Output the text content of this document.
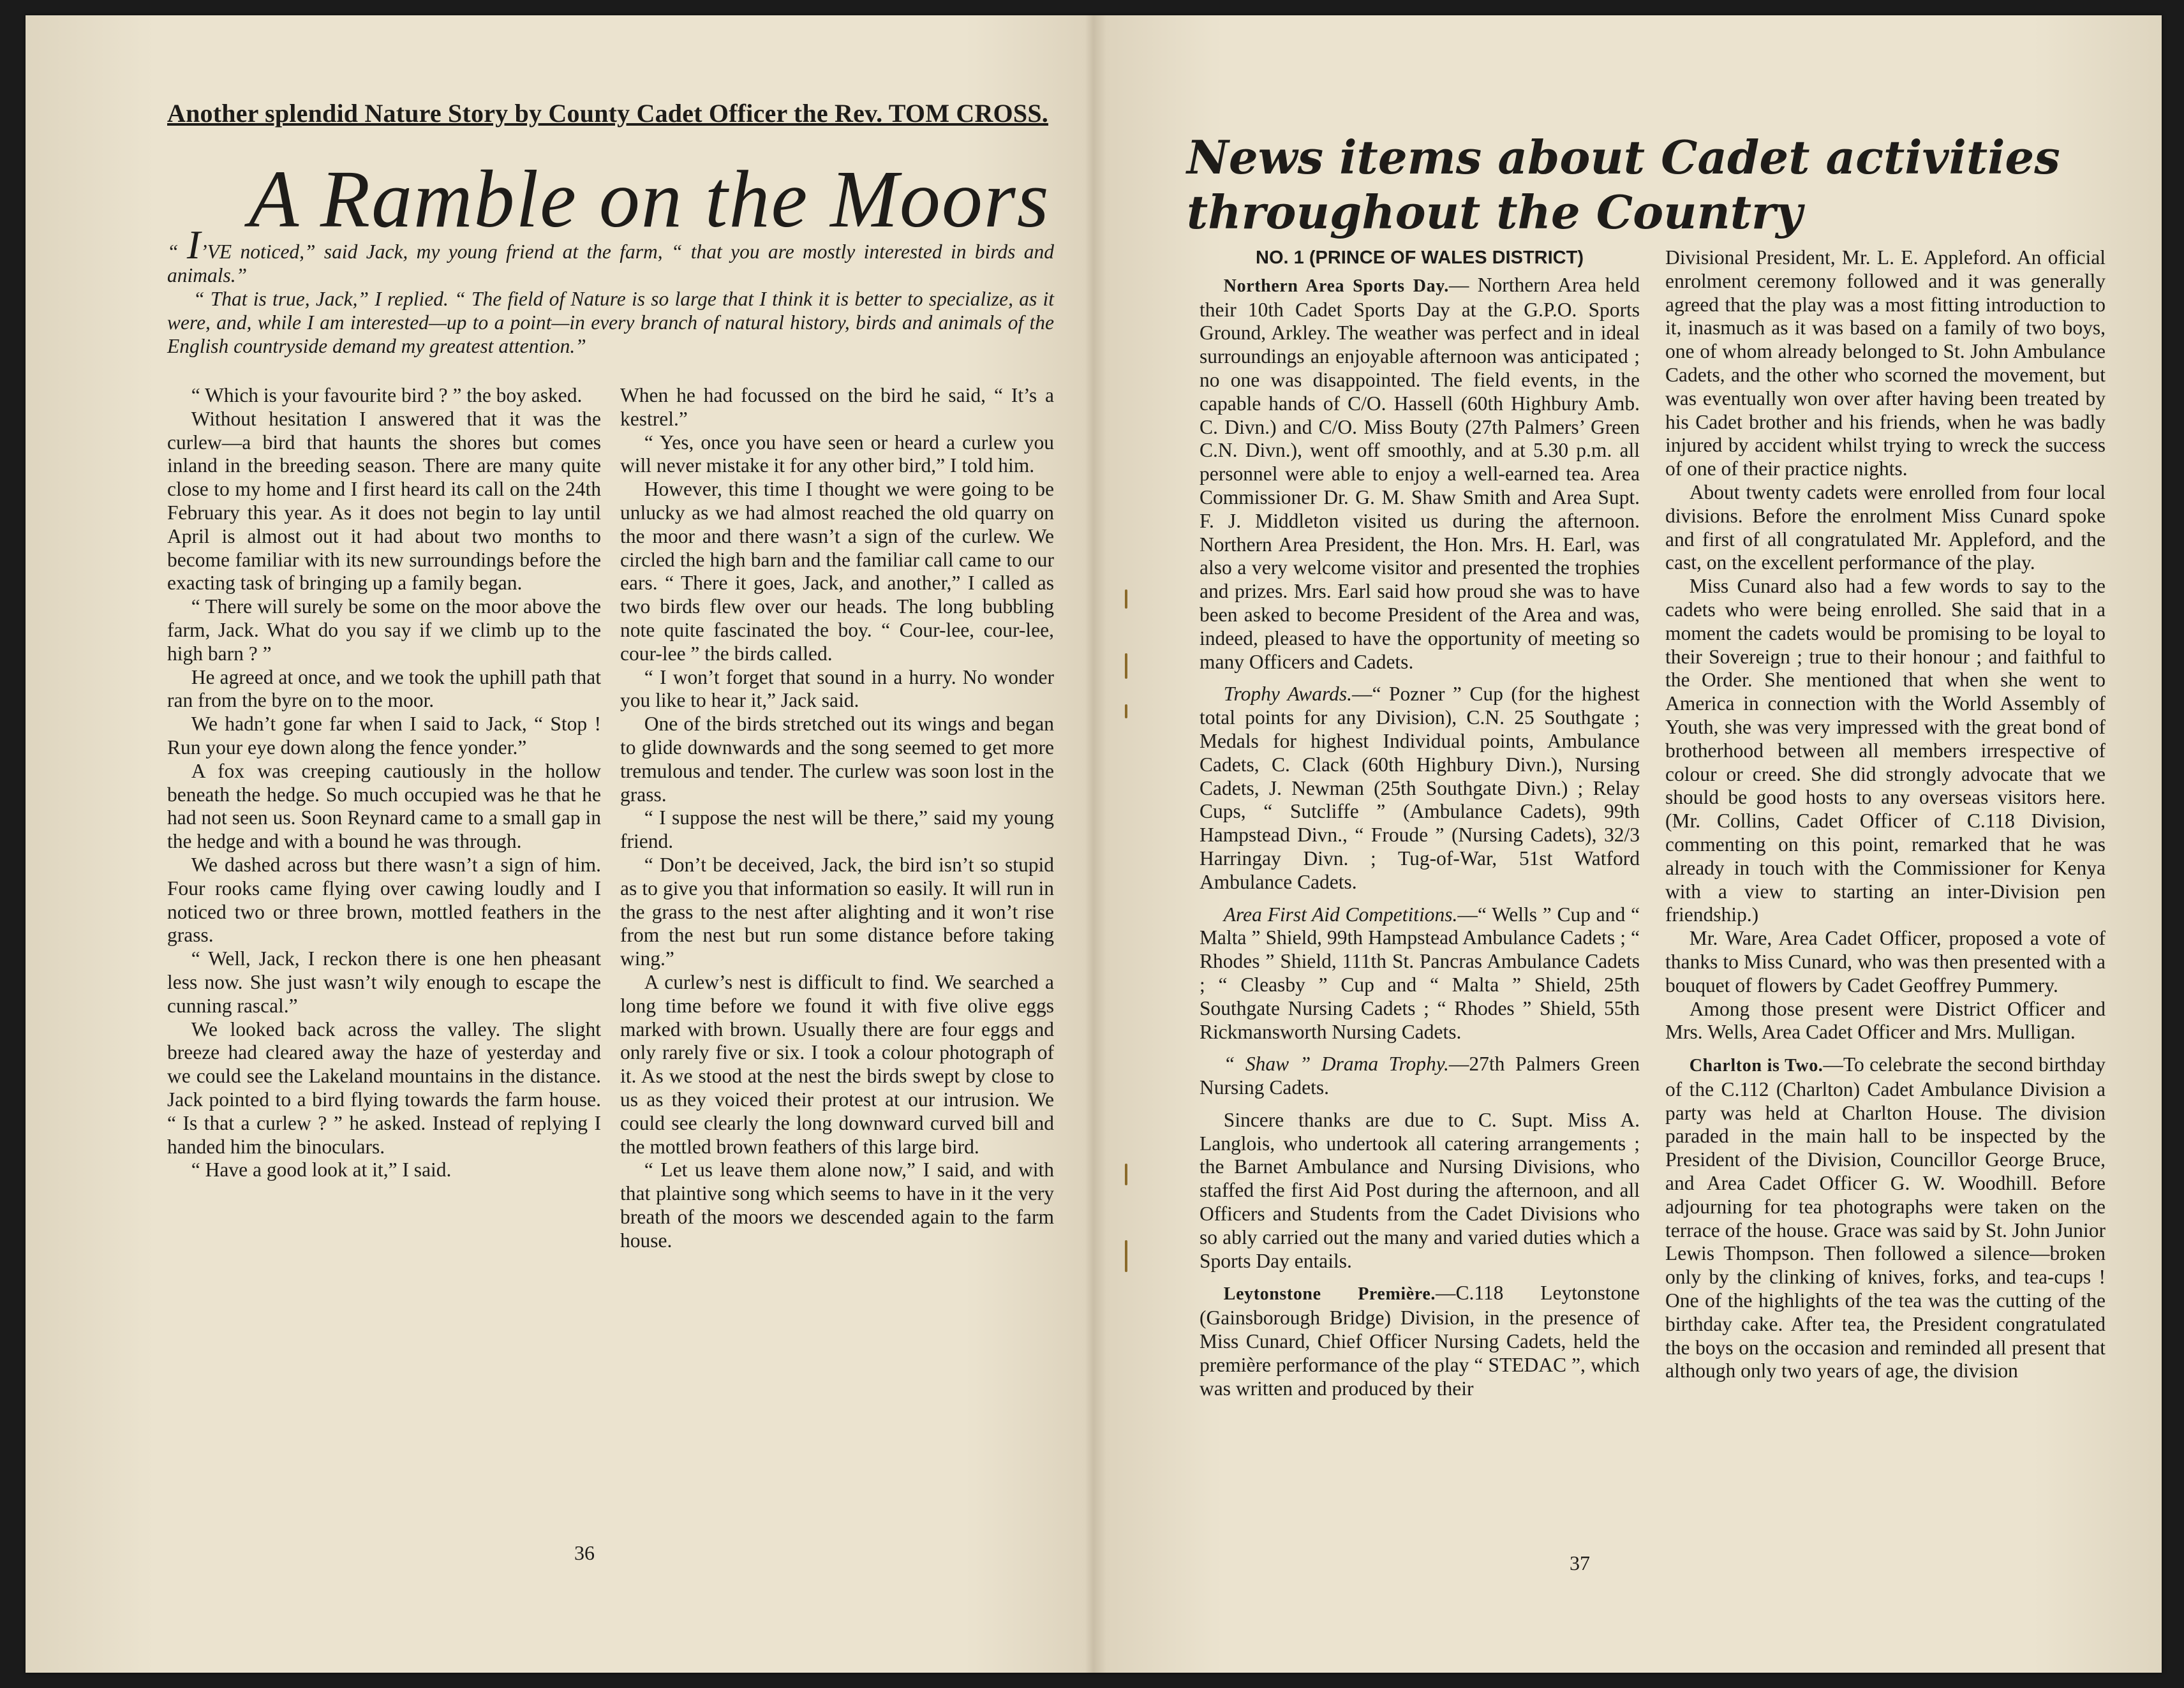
Another splendid Nature Story by County Cadet Officer the Rev. TOM CROSS.
A Ramble on the Moors

“ I’VE noticed,” said Jack, my young friend at the farm, “ that you are mostly interested in birds and animals.”

“ That is true, Jack,” I replied. “ The field of Nature is so large that I think it is better to specialize, as it were, and, while I am interested—up to a point—in every branch of natural history, birds and animals of the English countryside demand my greatest attention.”

“ Which is your favourite bird ? ” the boy asked.

Without hesitation I answered that it was the curlew—a bird that haunts the shores but comes inland in the breeding season. There are many quite close to my home and I first heard its call on the 24th February this year. As it does not begin to lay until April is almost out it had about two months to become familiar with its new surroundings before the exacting task of bringing up a family began.

“ There will surely be some on the moor above the farm, Jack. What do you say if we climb up to the high barn ? ”

He agreed at once, and we took the uphill path that ran from the byre on to the moor.

We hadn’t gone far when I said to Jack, “ Stop ! Run your eye down along the fence yonder.”

A fox was creeping cautiously in the hollow beneath the hedge. So much occupied was he that he had not seen us. Soon Reynard came to a small gap in the hedge and with a bound he was through.

We dashed across but there wasn’t a sign of him. Four rooks came flying over cawing loudly and I noticed two or three brown, mottled feathers in the grass.

“ Well, Jack, I reckon there is one hen pheasant less now. She just wasn’t wily enough to escape the cunning rascal.”

We looked back across the valley. The slight breeze had cleared away the haze of yesterday and we could see the Lakeland mountains in the distance. Jack pointed to a bird flying towards the farm house. “ Is that a curlew ? ” he asked. Instead of replying I handed him the binoculars.

“ Have a good look at it,” I said.

When he had focussed on the bird he said, “ It’s a kestrel.”

“ Yes, once you have seen or heard a curlew you will never mistake it for any other bird,” I told him.

However, this time I thought we were going to be unlucky as we had almost reached the old quarry on the moor and there wasn’t a sign of the curlew. We circled the high barn and the familiar call came to our ears. “ There it goes, Jack, and another,” I called as two birds flew over our heads. The long bubbling note quite fascinated the boy. “ Cour-lee, cour-lee, cour-lee ” the birds called.

“ I won’t forget that sound in a hurry. No wonder you like to hear it,” Jack said.

One of the birds stretched out its wings and began to glide downwards and the song seemed to get more tremulous and tender. The curlew was soon lost in the grass.

“ I suppose the nest will be there,” said my young friend.

“ Don’t be deceived, Jack, the bird isn’t so stupid as to give you that information so easily. It will run in the grass to the nest after alighting and it won’t rise from the nest but run some distance before taking wing.”

A curlew’s nest is difficult to find. We searched a long time before we found it with five olive eggs marked with brown. Usually there are four eggs and only rarely five or six. I took a colour photograph of it. As we stood at the nest the birds swept by close to us as they voiced their protest at our intrusion. We could see clearly the long downward curved bill and the mottled brown feathers of this large bird.

“ Let us leave them alone now,” I said, and with that plaintive song which seems to have in it the very breath of the moors we descended again to the farm house.

36
News items about Cadet activities
throughout the Country

NO. 1 (PRINCE OF WALES DISTRICT)

Northern Area Sports Day.— Northern Area held their 10th Cadet Sports Day at the G.P.O. Sports Ground, Arkley. The weather was perfect and in ideal surroundings an enjoyable afternoon was anticipated ; no one was disappointed. The field events, in the capable hands of C/O. Hassell (60th Highbury Amb. C. Divn.) and C/O. Miss Bouty (27th Palmers’ Green C.N. Divn.), went off smoothly, and at 5.30 p.m. all personnel were able to enjoy a well-earned tea. Area Commissioner Dr. G. M. Shaw Smith and Area Supt. F. J. Middleton visited us during the afternoon. Northern Area President, the Hon. Mrs. H. Earl, was also a very welcome visitor and presented the trophies and prizes. Mrs. Earl said how proud she was to have been asked to become President of the Area and was, indeed, pleased to have the opportunity of meeting so many Officers and Cadets.

Trophy Awards.—“ Pozner ” Cup (for the highest total points for any Division), C.N. 25 Southgate ; Medals for highest Individual points, Ambulance Cadets, C. Clack (60th Highbury Divn.), Nursing Cadets, J. Newman (25th Southgate Divn.) ; Relay Cups, “ Sutcliffe ” (Ambulance Cadets), 99th Hampstead Divn., “ Froude ” (Nursing Cadets), 32/3 Harringay Divn. ; Tug-of-War, 51st Watford Ambulance Cadets.

Area First Aid Competitions.—“ Wells ” Cup and “ Malta ” Shield, 99th Hampstead Ambulance Cadets ; “ Rhodes ” Shield, 111th St. Pancras Ambulance Cadets ; “ Cleasby ” Cup and “ Malta ” Shield, 25th Southgate Nursing Cadets ; “ Rhodes ” Shield, 55th Rickmansworth Nursing Cadets.

“ Shaw ” Drama Trophy.—27th Palmers Green Nursing Cadets.

Sincere thanks are due to C. Supt. Miss A. Langlois, who undertook all catering arrangements ; the Barnet Ambulance and Nursing Divisions, who staffed the first Aid Post during the afternoon, and all Officers and Students from the Cadet Divisions who so ably carried out the many and varied duties which a Sports Day entails.

Leytonstone Première.—C.118 Leytonstone (Gainsborough Bridge) Division, in the presence of Miss Cunard, Chief Officer Nursing Cadets, held the première performance of the play “ STEDAC ”, which was written and produced by their

Divisional President, Mr. L. E. Appleford. An official enrolment ceremony followed and it was generally agreed that the play was a most fitting introduction to it, inasmuch as it was based on a family of two boys, one of whom already belonged to St. John Ambulance Cadets, and the other who scorned the movement, but was eventually won over after having been treated by his Cadet brother and his friends, when he was badly injured by accident whilst trying to wreck the success of one of their practice nights.

About twenty cadets were enrolled from four local divisions. Before the enrolment Miss Cunard spoke and first of all congratulated Mr. Appleford, and the cast, on the excellent performance of the play.

Miss Cunard also had a few words to say to the cadets who were being enrolled. She said that in a moment the cadets would be promising to be loyal to their Sovereign ; true to their honour ; and faithful to the Order. She mentioned that when she went to America in connection with the World Assembly of Youth, she was very impressed with the great bond of brotherhood between all members irrespective of colour or creed. She did strongly advocate that we should be good hosts to any overseas visitors here. (Mr. Collins, Cadet Officer of C.118 Division, commenting on this point, remarked that he was already in touch with the Commissioner for Kenya with a view to starting an inter-Division pen friendship.)

Mr. Ware, Area Cadet Officer, proposed a vote of thanks to Miss Cunard, who was then presented with a bouquet of flowers by Cadet Geoffrey Pummery.

Among those present were District Officer and Mrs. Wells, Area Cadet Officer and Mrs. Mulligan.

Charlton is Two.—To celebrate the second birthday of the C.112 (Charlton) Cadet Ambulance Division a party was held at Charlton House. The division paraded in the main hall to be inspected by the President of the Division, Councillor George Bruce, and Area Cadet Officer G. W. Woodhill. Before adjourning for tea photographs were taken on the terrace of the house. Grace was said by St. John Junior Lewis Thompson. Then followed a silence—broken only by the clinking of knives, forks, and tea-cups ! One of the highlights of the tea was the cutting of the birthday cake. After tea, the President congratulated the boys on the occasion and reminded all present that although only two years of age, the division

37
